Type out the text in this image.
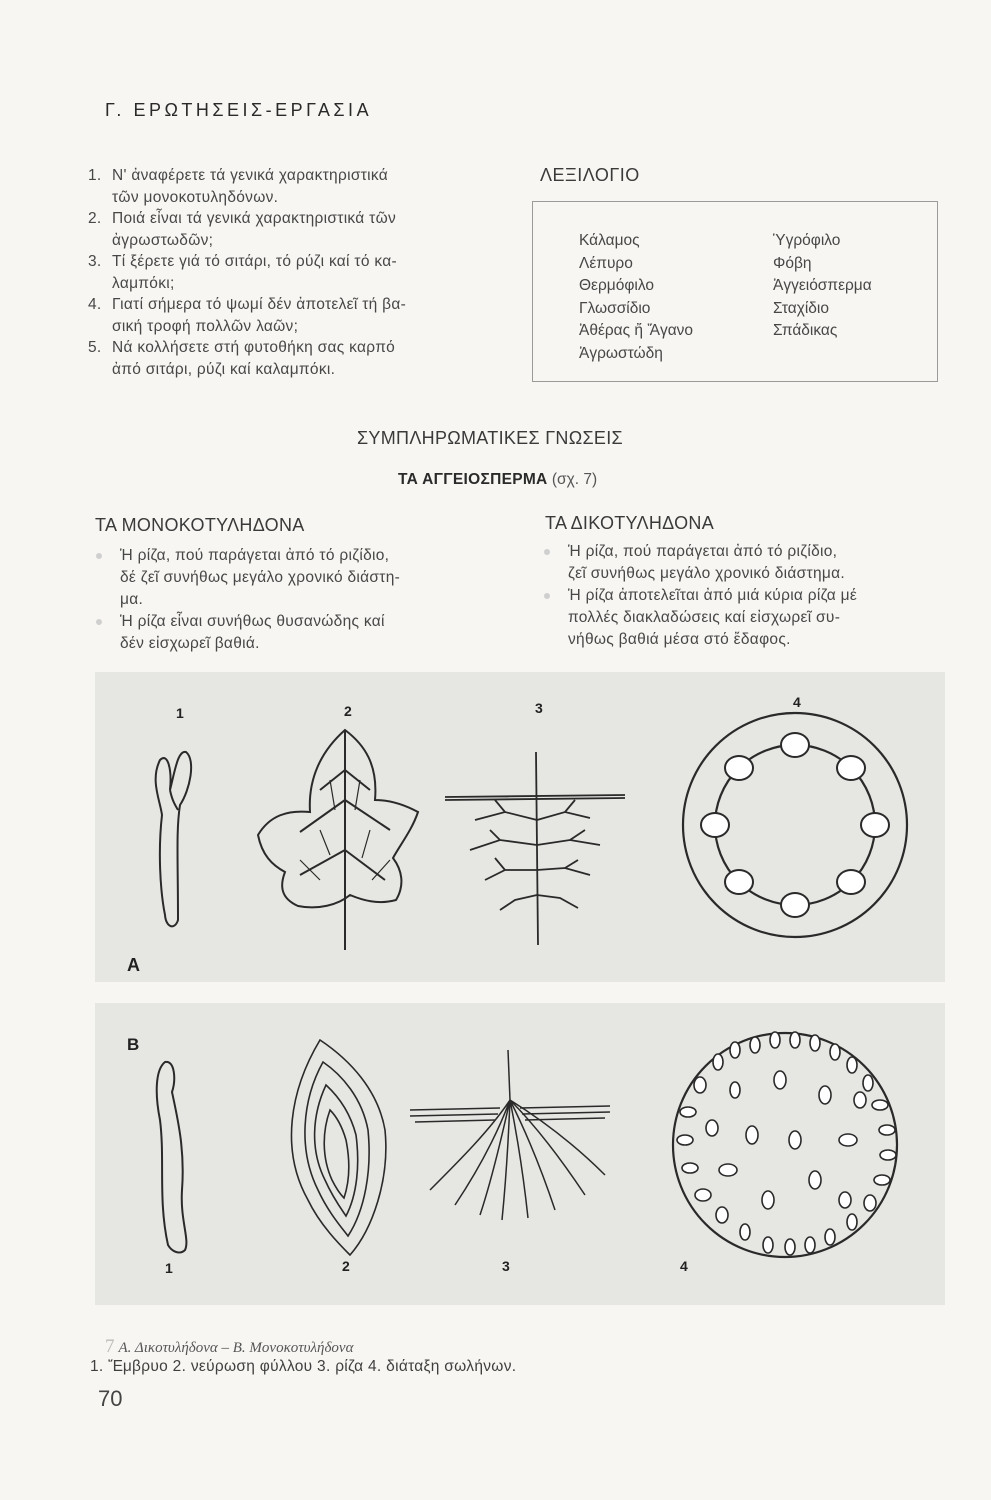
Γ. ΕΡΩΤΗΣΕΙΣ-ΕΡΓΑΣΙΑ
1. Ν' ἀναφέρετε τά γενικά χαρακτηριστικά
τῶν μονοκοτυληδόνων.
2. Ποιά εἶναι τά γενικά χαρακτηριστικά τῶν
ἀγρωστωδῶν;
3. Τί ξέρετε γιά τό σιτάρι, τό ρύζι καί τό κα-
λαμπόκι;
4. Γιατί σήμερα τό ψωμί δέν ἀποτελεῖ τή βα-
σική τροφή πολλῶν λαῶν;
5. Νά κολλήσετε στή φυτοθήκη σας καρπό
ἀπό σιτάρι, ρύζι καί καλαμπόκι.
ΛΕΞΙΛΟΓΙΟ
Κάλαμος
Λέπυρο
Θερμόφιλο
Γλωσσίδιο
Ἀθέρας ἤ Ἄγανο
Ἀγρωστώδη
Ὑγρόφιλο
Φόβη
Ἀγγειόσπερμα
Σταχίδιο
Σπάδικας
ΣΥΜΠΛΗΡΩΜΑΤΙΚΕΣ ΓΝΩΣΕΙΣ
ΤΑ ΑΓΓΕΙΟΣΠΕΡΜΑ (σχ. 7)
ΤΑ ΜΟΝΟΚΟΤΥΛΗΔΟΝΑ
Ἡ ρίζα, πού παράγεται ἀπό τό ριζίδιο,
δέ ζεῖ συνήθως μεγάλο χρονικό διάστη-
μα.
Ἡ ρίζα εἶναι συνήθως θυσανώδης καί
δέν εἰσχωρεῖ βαθιά.
ΤΑ ΔΙΚΟΤΥΛΗΔΟΝΑ
Ἡ ρίζα, πού παράγεται ἀπό τό ριζίδιο,
ζεῖ συνήθως μεγάλο χρονικό διάστημα.
Ἡ ρίζα ἀποτελεῖται ἀπό μιά κύρια ρίζα μέ
πολλές διακλαδώσεις καί εἰσχωρεῖ συ-
νήθως βαθιά μέσα στό ἔδαφος.
1	2	3	4
A
B
1	2	3	4
7 Α. Δικοτυλήδονα – Β. Μονοκοτυλήδονα
1. Ἔμβρυο 2. νεύρωση φύλλου 3. ρίζα 4. διάταξη σωλήνων.
70
